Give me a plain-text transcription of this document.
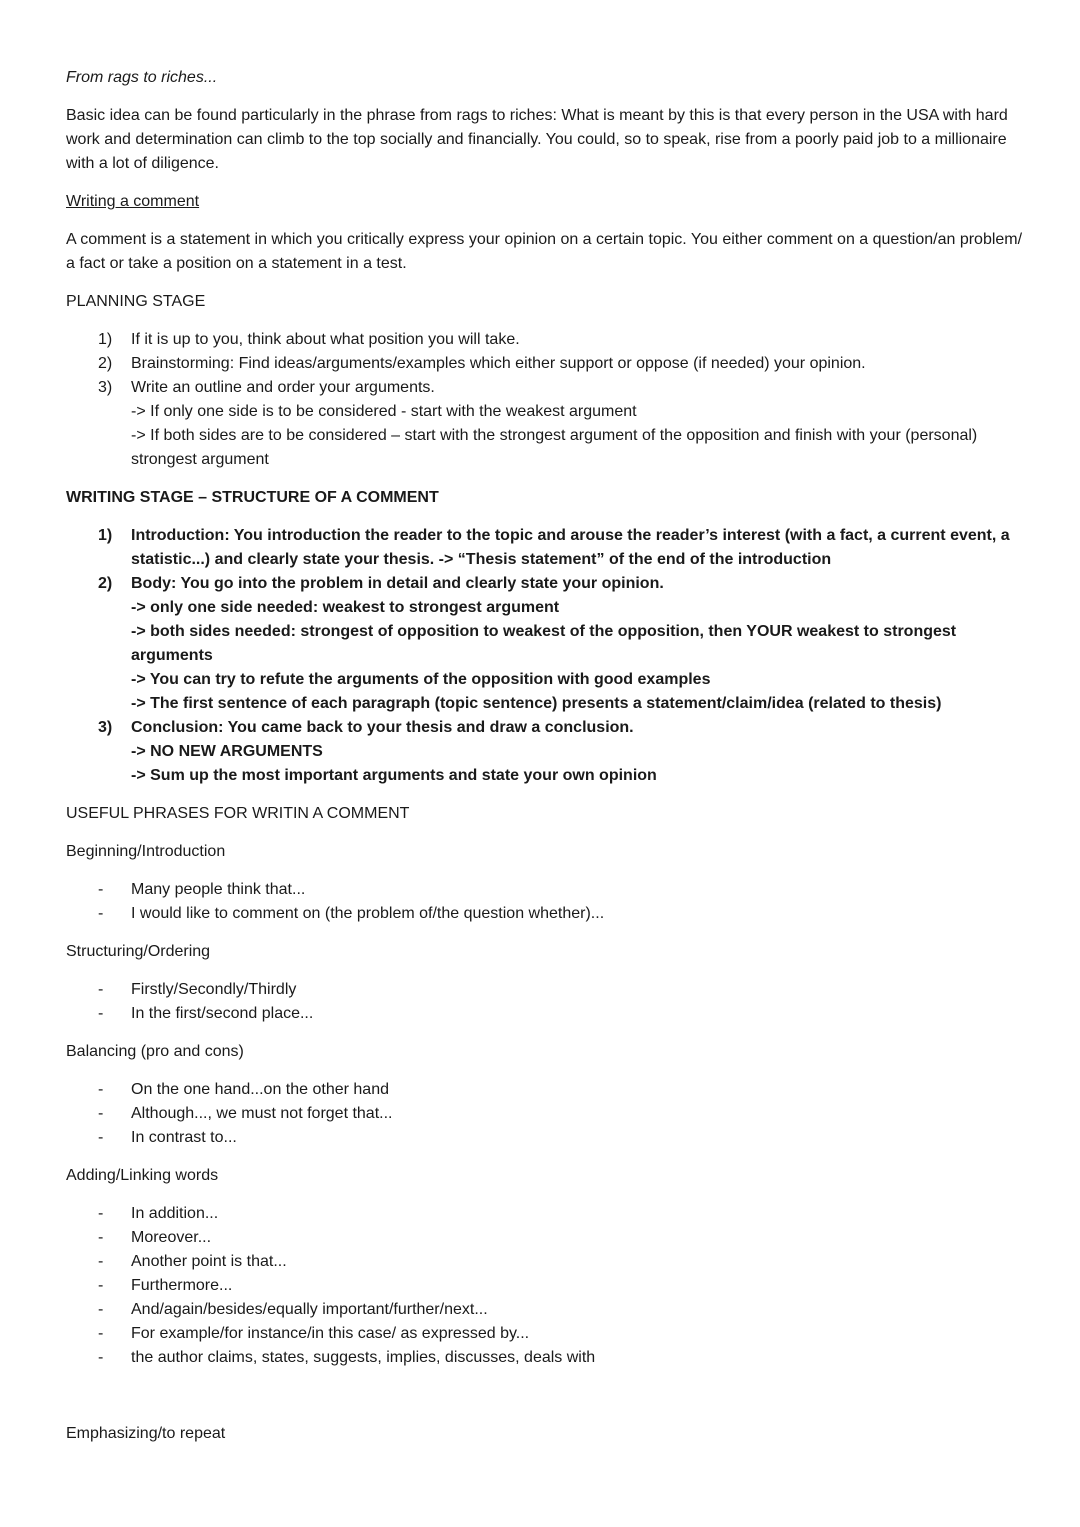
From rags to riches...
Basic idea can be found particularly in the phrase from rags to riches: What is meant by this is that every person in the USA with hard work and determination can climb to the top socially and financially. You could, so to speak, rise from a poorly paid job to a millionaire with a lot of diligence.
Writing a comment
A comment is a statement in which you critically express your opinion on a certain topic. You either comment on a question/an problem/ a fact or take a position on a statement in a test.
PLANNING STAGE
1) If it is up to you, think about what position you will take.
2) Brainstorming: Find ideas/arguments/examples which either support or oppose (if needed) your opinion.
3) Write an outline and order your arguments.
-> If only one side is to be considered - start with the weakest argument
-> If both sides are to be considered – start with the strongest argument of the opposition and finish with your (personal) strongest argument
WRITING STAGE – STRUCTURE OF A COMMENT
1) Introduction: You introduction the reader to the topic and arouse the reader’s interest (with a fact, a current event, a statistic...) and clearly state your thesis. -> “Thesis statement” of the end of the introduction
2) Body: You go into the problem in detail and clearly state your opinion.
-> only one side needed: weakest to strongest argument
-> both sides needed: strongest of opposition to weakest of the opposition, then YOUR weakest to strongest arguments
-> You can try to refute the arguments of the opposition with good examples
-> The first sentence of each paragraph (topic sentence) presents a statement/claim/idea (related to thesis)
3) Conclusion: You came back to your thesis and draw a conclusion.
-> NO NEW ARGUMENTS
-> Sum up the most important arguments and state your own opinion
USEFUL PHRASES FOR WRITIN A COMMENT
Beginning/Introduction
- Many people think that...
- I would like to comment on (the problem of/the question whether)...
Structuring/Ordering
- Firstly/Secondly/Thirdly
- In the first/second place...
Balancing (pro and cons)
- On the one hand...on the other hand
- Although..., we must not forget that...
- In contrast to...
Adding/Linking words
- In addition...
- Moreover...
- Another point is that...
- Furthermore...
- And/again/besides/equally important/further/next...
- For example/for instance/in this case/ as expressed by...
- the author claims, states, suggests, implies, discusses, deals with
Emphasizing/to repeat
